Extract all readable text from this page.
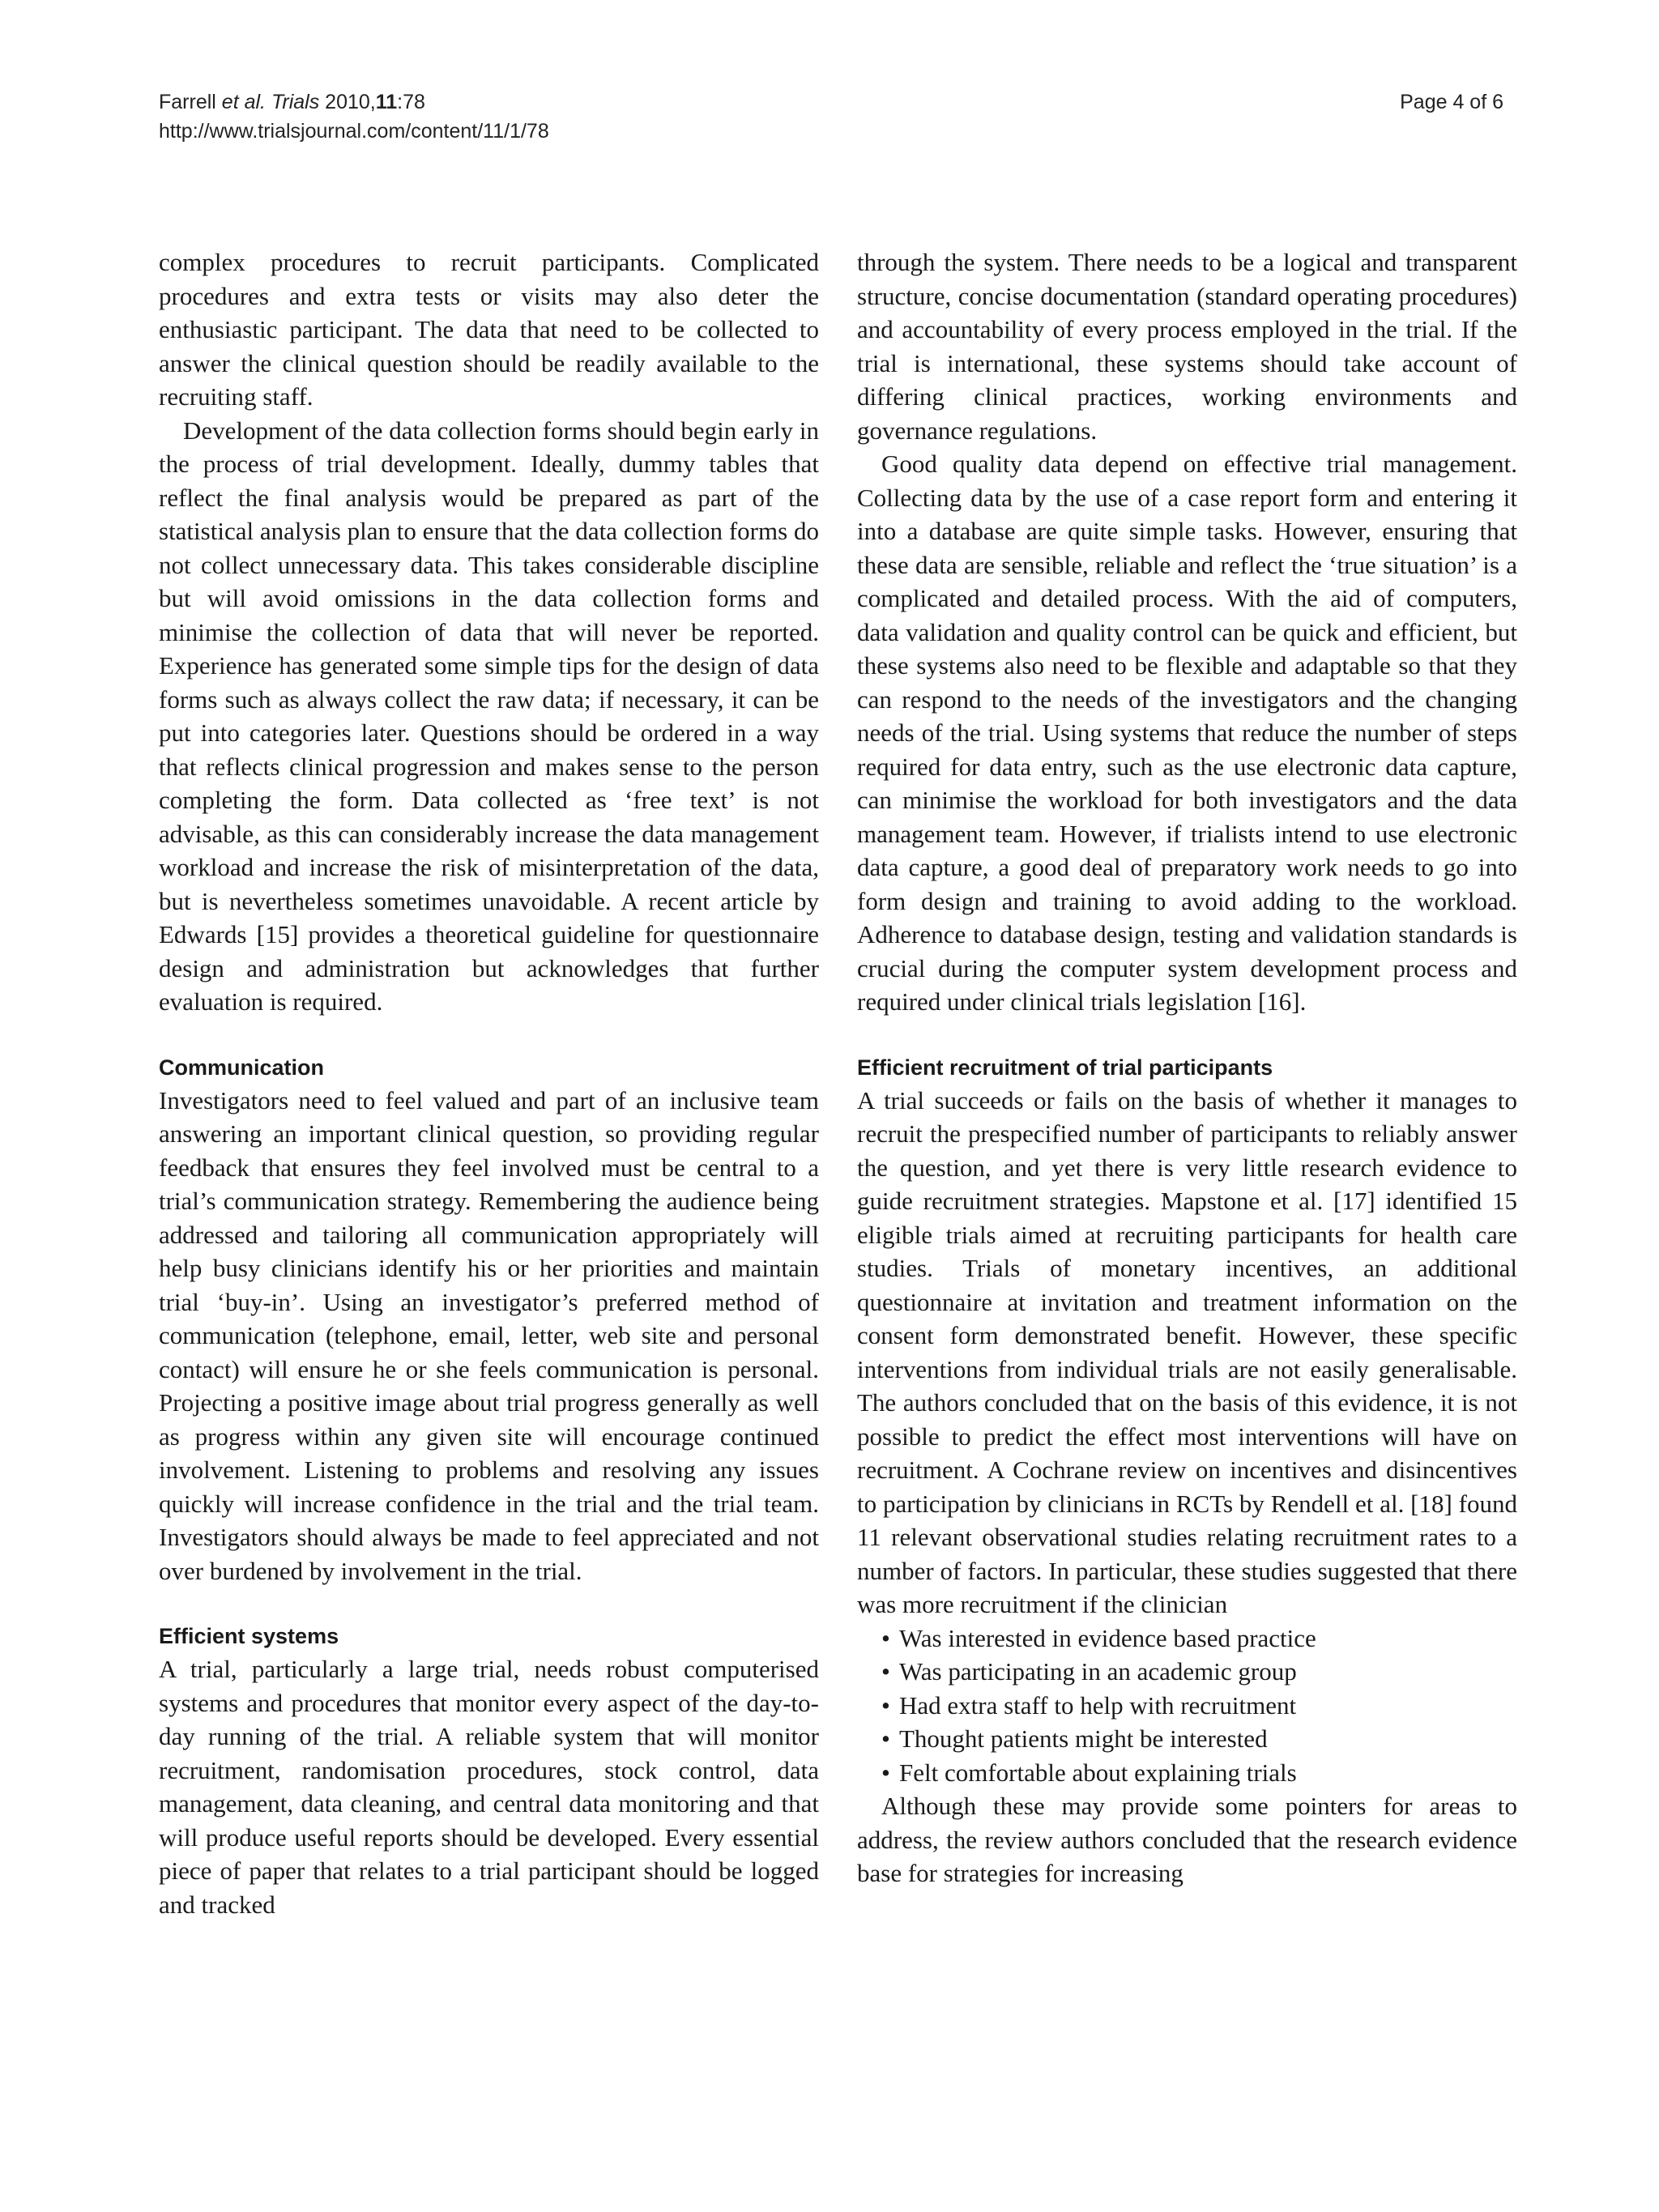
Farrell et al. Trials 2010,11:78
http://www.trialsjournal.com/content/11/1/78
Page 4 of 6

complex procedures to recruit participants. Complicated procedures and extra tests or visits may also deter the enthusiastic participant. The data that need to be collected to answer the clinical question should be readily available to the recruiting staff.

Development of the data collection forms should begin early in the process of trial development. Ideally, dummy tables that reflect the final analysis would be prepared as part of the statistical analysis plan to ensure that the data collection forms do not collect unnecessary data. This takes considerable discipline but will avoid omissions in the data collection forms and minimise the collection of data that will never be reported. Experience has generated some simple tips for the design of data forms such as always collect the raw data; if necessary, it can be put into categories later. Questions should be ordered in a way that reflects clinical progression and makes sense to the person completing the form. Data collected as ‘free text’ is not advisable, as this can considerably increase the data management workload and increase the risk of misinterpretation of the data, but is nevertheless sometimes unavoidable. A recent article by Edwards [15] provides a theoretical guideline for questionnaire design and administration but acknowledges that further evaluation is required.

Communication

Investigators need to feel valued and part of an inclusive team answering an important clinical question, so providing regular feedback that ensures they feel involved must be central to a trial’s communication strategy. Remembering the audience being addressed and tailoring all communication appropriately will help busy clinicians identify his or her priorities and maintain trial ‘buy-in’. Using an investigator’s preferred method of communication (telephone, email, letter, web site and personal contact) will ensure he or she feels communication is personal. Projecting a positive image about trial progress generally as well as progress within any given site will encourage continued involvement. Listening to problems and resolving any issues quickly will increase confidence in the trial and the trial team. Investigators should always be made to feel appreciated and not over burdened by involvement in the trial.

Efficient systems

A trial, particularly a large trial, needs robust computerised systems and procedures that monitor every aspect of the day-to-day running of the trial. A reliable system that will monitor recruitment, randomisation procedures, stock control, data management, data cleaning, and central data monitoring and that will produce useful reports should be developed. Every essential piece of paper that relates to a trial participant should be logged and tracked

through the system. There needs to be a logical and transparent structure, concise documentation (standard operating procedures) and accountability of every process employed in the trial. If the trial is international, these systems should take account of differing clinical practices, working environments and governance regulations.

Good quality data depend on effective trial management. Collecting data by the use of a case report form and entering it into a database are quite simple tasks. However, ensuring that these data are sensible, reliable and reflect the ‘true situation’ is a complicated and detailed process. With the aid of computers, data validation and quality control can be quick and efficient, but these systems also need to be flexible and adaptable so that they can respond to the needs of the investigators and the changing needs of the trial. Using systems that reduce the number of steps required for data entry, such as the use electronic data capture, can minimise the workload for both investigators and the data management team. However, if trialists intend to use electronic data capture, a good deal of preparatory work needs to go into form design and training to avoid adding to the workload. Adherence to database design, testing and validation standards is crucial during the computer system development process and required under clinical trials legislation [16].

Efficient recruitment of trial participants

A trial succeeds or fails on the basis of whether it manages to recruit the prespecified number of participants to reliably answer the question, and yet there is very little research evidence to guide recruitment strategies. Mapstone et al. [17] identified 15 eligible trials aimed at recruiting participants for health care studies. Trials of monetary incentives, an additional questionnaire at invitation and treatment information on the consent form demonstrated benefit. However, these specific interventions from individual trials are not easily generalisable. The authors concluded that on the basis of this evidence, it is not possible to predict the effect most interventions will have on recruitment. A Cochrane review on incentives and disincentives to participation by clinicians in RCTs by Rendell et al. [18] found 11 relevant observational studies relating recruitment rates to a number of factors. In particular, these studies suggested that there was more recruitment if the clinician

• Was interested in evidence based practice
• Was participating in an academic group
• Had extra staff to help with recruitment
• Thought patients might be interested
• Felt comfortable about explaining trials

Although these may provide some pointers for areas to address, the review authors concluded that the research evidence base for strategies for increasing
